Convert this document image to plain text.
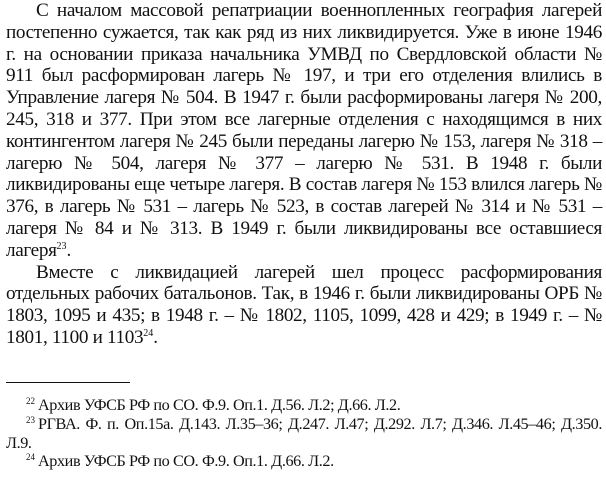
С началом массовой репатриации военнопленных география лагерей постепенно сужается, так как ряд из них ликвидируется. Уже в июне 1946 г. на основании приказа начальника УМВД по Свердловской области № 911 был расформирован лагерь № 197, и три его отделения влились в Управление лагеря № 504. В 1947 г. были расформированы лагеря № 200, 245, 318 и 377. При этом все лагерные отделения с находящимся в них контингентом лагеря № 245 были переданы лагерю № 153, лагеря № 318 – лагерю № 504, лагеря № 377 – лагерю № 531. В 1948 г. были ликвидированы еще четыре лагеря. В состав лагеря № 153 влился лагерь № 376, в лагерь № 531 – лагерь № 523, в состав лагерей № 314 и № 531 – лагеря № 84 и № 313. В 1949 г. были ликвидированы все оставшиеся лагеря$^{23}$.

Вместе с ликвидацией лагерей шел процесс расформирования отдельных рабочих батальонов. Так, в 1946 г. были ликвидированы ОРБ № 1803, 1095 и 435; в 1948 г. – № 1802, 1105, 1099, 428 и 429; в 1949 г. – № 1801, 1100 и 1103$^{24}$.

$^{22}$ Архив УФСБ РФ по СО. Ф.9. Оп.1. Д.56. Л.2; Д.66. Л.2.

$^{23}$ РГВА. Ф. п. Оп.15а. Д.143. Л.35–36; Д.247. Л.47; Д.292. Л.7; Д.346. Л.45–46; Д.350. Л.9.

$^{24}$ Архив УФСБ РФ по СО. Ф.9. Оп.1. Д.66. Л.2.
